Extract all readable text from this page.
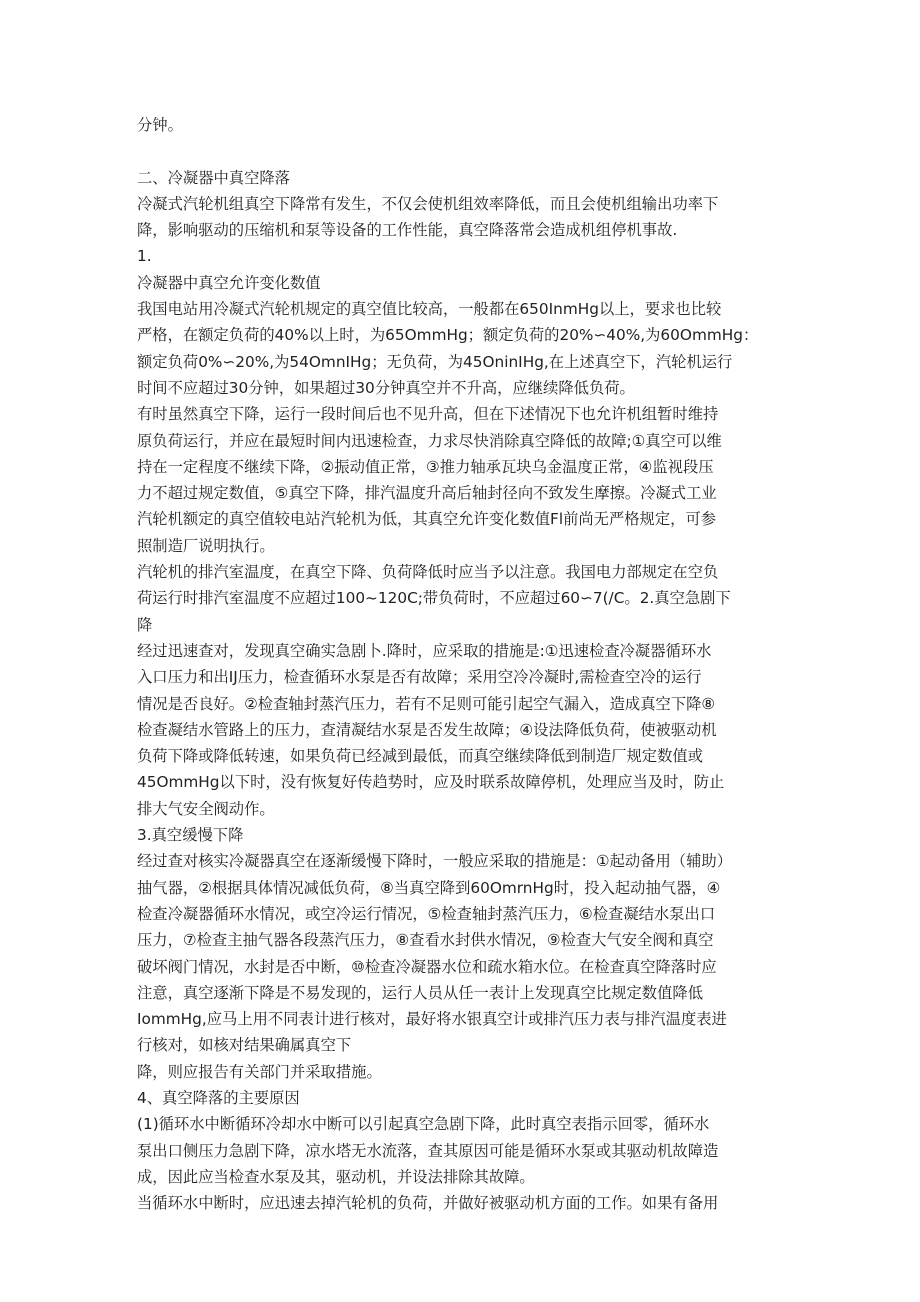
分钟。
二、冷凝器中真空降落
冷凝式汽轮机组真空下降常有发生，不仅会使机组效率降低，而且会使机组输出功率下
降，影响驱动的压缩机和泵等设备的工作性能，真空降落常会造成机组停机事故.
1.
冷凝器中真空允许变化数值
我国电站用冷凝式汽轮机规定的真空值比较高，一般都在650InmHg以上，要求也比较
严格，在额定负荷的40%以上时，为65OmmHg；额定负荷的20%∽40%,为60OmmHg：
额定负荷0%∽20%,为54OmnIHg；无负荷，为45OninIHg,在上述真空下，汽轮机运行
时间不应超过30分钟，如果超过30分钟真空并不升高，应继续降低负荷。
有时虽然真空下降，运行一段时间后也不见升高，但在下述情况下也允许机组暂时维持
原负荷运行，并应在最短时间内迅速检查，力求尽快消除真空降低的故障;①真空可以维
持在一定程度不继续下降，②振动值正常，③推力轴承瓦块乌金温度正常，④监视段压
力不超过规定数值，⑤真空下降，排汽温度升高后轴封径向不致发生摩擦。冷凝式工业
汽轮机额定的真空值较电站汽轮机为低，其真空允许变化数值Fl前尚无严格规定，可参
照制造厂说明执行。
汽轮机的排汽室温度，在真空下降、负荷降低时应当予以注意。我国电力部规定在空负
荷运行时排汽室温度不应超过100~120C;带负荷时，不应超过60∽7(/C。2.真空急剧下
降
经过迅速查对，发现真空确实急剧卜.降时，应采取的措施是:①迅速检查冷凝器循环水
入口压力和出IJ压力，检查循环水泵是否有故障；采用空冷冷凝时,需检查空冷的运行
情况是否良好。②检查轴封蒸汽压力，若有不足则可能引起空气漏入，造成真空下降⑧
检查凝结水管路上的压力，查清凝结水泵是否发生故障；④设法降低负荷，使被驱动机
负荷下降或降低转速，如果负荷已经减到最低，而真空继续降低到制造厂规定数值或
45OmmHg以下时，没有恢复好传趋势时，应及时联系故障停机，处理应当及时，防止
排大气安全阀动作。
3.真空缓慢下降
经过查对核实冷凝器真空在逐渐缓慢下降时，一般应采取的措施是：①起动备用（辅助）
抽气器，②根据具体情况减低负荷，⑧当真空降到60OmrnHg时，投入起动抽气器，④
检查冷凝器循环水情况，或空冷运行情况，⑤检查轴封蒸汽压力，⑥检查凝结水泵出口
压力，⑦检查主抽气器各段蒸汽压力，⑧查看水封供水情况，⑨检查大气安全阀和真空
破坏阀门情况，水封是否中断，⑩检查冷凝器水位和疏水箱水位。在检查真空降落时应
注意，真空逐渐下降是不易发现的，运行人员从任一表计上发现真空比规定数值降低
IommHg,应马上用不同表计进行核对，最好将水银真空计或排汽压力表与排汽温度表进
行核对，如核对结果确属真空下
降，则应报告有关部门并采取措施。
4、真空降落的主要原因
(1)循环水中断循环冷却水中断可以引起真空急剧下降，此时真空表指示回零，循环水
泵出口侧压力急剧下降，凉水塔无水流落，查其原因可能是循环水泵或其驱动机故障造
成，因此应当检查水泵及其，驱动机，并设法排除其故障。
当循环水中断时，应迅速去掉汽轮机的负荷，并做好被驱动机方面的工作。如果有备用
